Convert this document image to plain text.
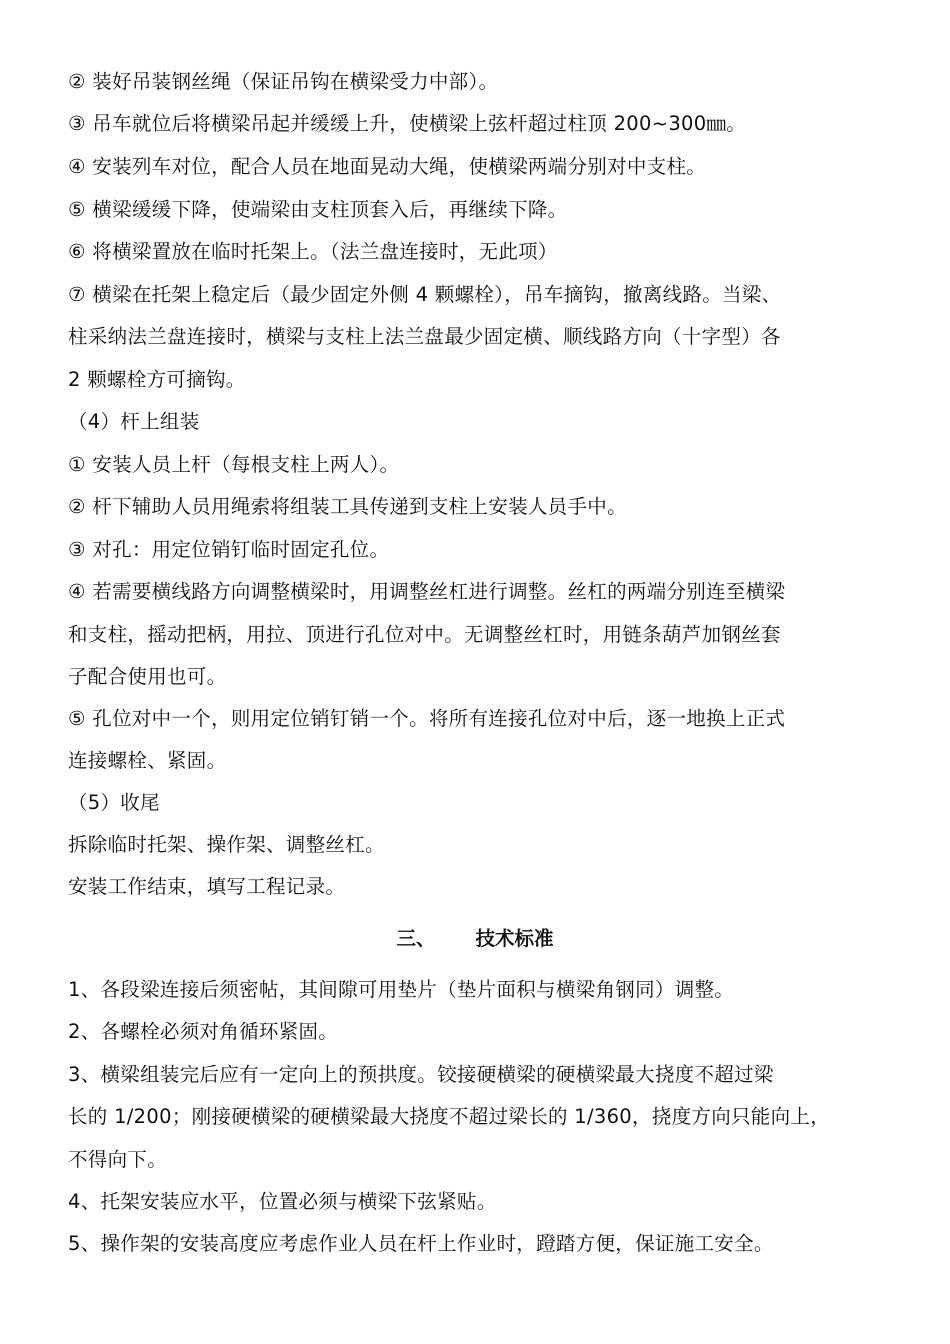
② 装好吊装钢丝绳（保证吊钩在横梁受力中部）。
③ 吊车就位后将横梁吊起并缓缓上升，使横梁上弦杆超过柱顶 200~300㎜。
④ 安装列车对位，配合人员在地面晃动大绳，使横梁两端分别对中支柱。
⑤ 横梁缓缓下降，使端梁由支柱顶套入后，再继续下降。
⑥ 将横梁置放在临时托架上。（法兰盘连接时，无此项）
⑦ 横梁在托架上稳定后（最少固定外侧 4 颗螺栓），吊车摘钩，撤离线路。当梁、
柱采纳法兰盘连接时，横梁与支柱上法兰盘最少固定横、顺线路方向（十字型）各
2 颗螺栓方可摘钩。
（4）杆上组装
① 安装人员上杆（每根支柱上两人）。
② 杆下辅助人员用绳索将组装工具传递到支柱上安装人员手中。
③ 对孔：用定位销钉临时固定孔位。
④ 若需要横线路方向调整横梁时，用调整丝杠进行调整。丝杠的两端分别连至横梁
和支柱，摇动把柄，用拉、顶进行孔位对中。无调整丝杠时，用链条葫芦加钢丝套
子配合使用也可。
⑤ 孔位对中一个，则用定位销钉销一个。将所有连接孔位对中后，逐一地换上正式
连接螺栓、紧固。
（5）收尾
拆除临时托架、操作架、调整丝杠。
安装工作结束，填写工程记录。
三、 技术标准
1、各段梁连接后须密帖，其间隙可用垫片（垫片面积与横梁角钢同）调整。
2、各螺栓必须对角循环紧固。
3、横梁组装完后应有一定向上的预拱度。铰接硬横梁的硬横梁最大挠度不超过梁
长的 1/200；刚接硬横梁的硬横梁最大挠度不超过梁长的 1/360，挠度方向只能向上，
不得向下。
4、托架安装应水平，位置必须与横梁下弦紧贴。
5、操作架的安装高度应考虑作业人员在杆上作业时，蹬踏方便，保证施工安全。
